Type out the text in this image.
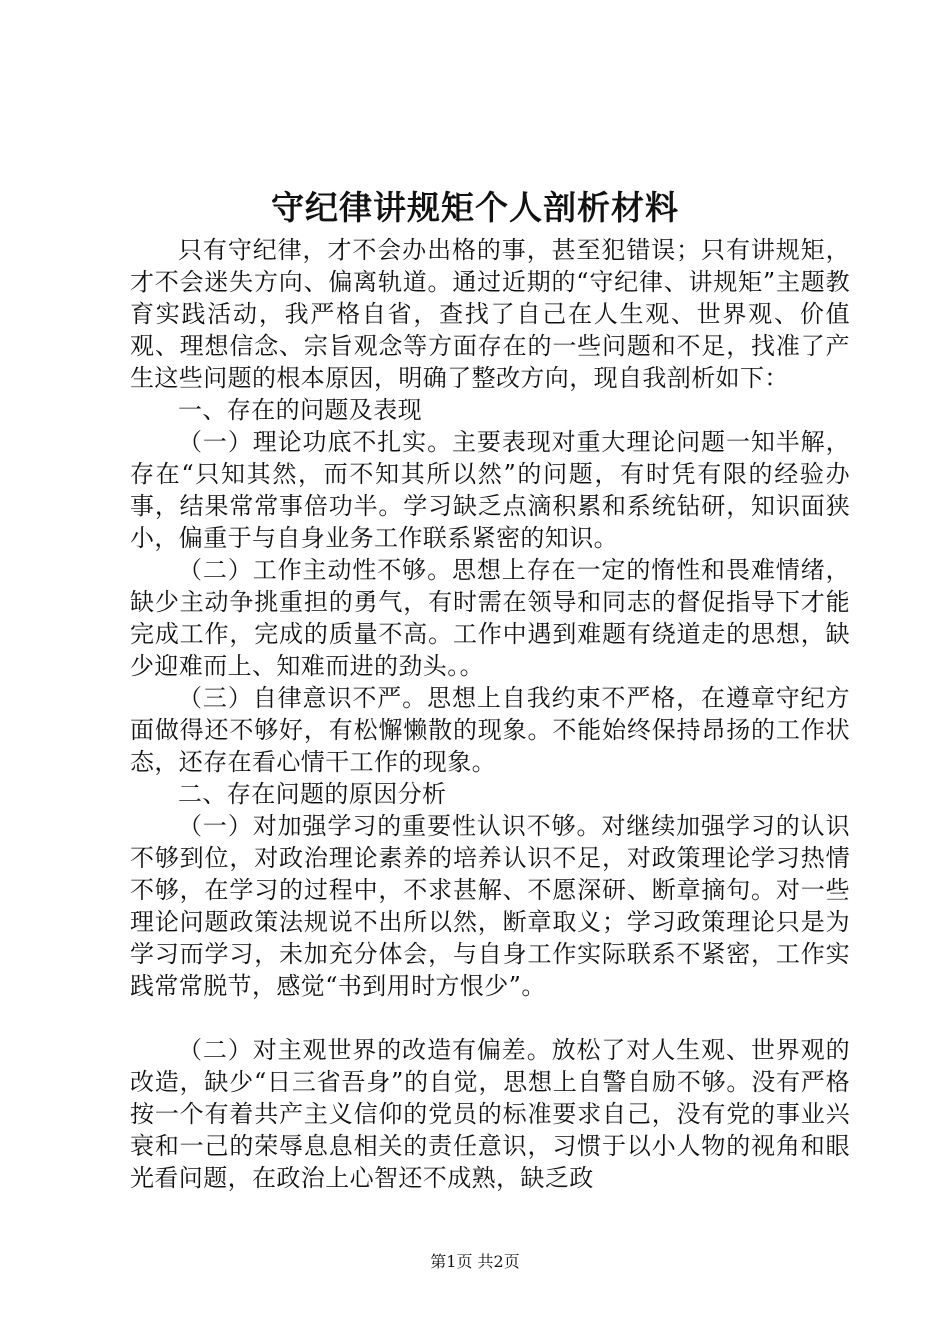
守纪律讲规矩个人剖析材料

只有守纪律，才不会办出格的事，甚至犯错误；只有讲规矩，才不会迷失方向、偏离轨道。通过近期的“守纪律、讲规矩”主题教育实践活动，我严格自省，查找了自己在人生观、世界观、价值观、理想信念、宗旨观念等方面存在的一些问题和不足，找准了产生这些问题的根本原因，明确了整改方向，现自我剖析如下：

一、存在的问题及表现

（一）理论功底不扎实。主要表现对重大理论问题一知半解，存在“只知其然，而不知其所以然”的问题，有时凭有限的经验办事，结果常常事倍功半。学习缺乏点滴积累和系统钻研，知识面狭小，偏重于与自身业务工作联系紧密的知识。

（二）工作主动性不够。思想上存在一定的惰性和畏难情绪，缺少主动争挑重担的勇气，有时需在领导和同志的督促指导下才能完成工作，完成的质量不高。工作中遇到难题有绕道走的思想，缺少迎难而上、知难而进的劲头。。

（三）自律意识不严。思想上自我约束不严格，在遵章守纪方面做得还不够好，有松懈懒散的现象。不能始终保持昂扬的工作状态，还存在看心情干工作的现象。

二、存在问题的原因分析

（一）对加强学习的重要性认识不够。对继续加强学习的认识不够到位，对政治理论素养的培养认识不足，对政策理论学习热情不够，在学习的过程中，不求甚解、不愿深研、断章摘句。对一些理论问题政策法规说不出所以然，断章取义；学习政策理论只是为学习而学习，未加充分体会，与自身工作实际联系不紧密，工作实践常常脱节，感觉“书到用时方恨少”。

（二）对主观世界的改造有偏差。放松了对人生观、世界观的改造，缺少“日三省吾身”的自觉，思想上自警自励不够。没有严格按一个有着共产主义信仰的党员的标准要求自己，没有党的事业兴衰和一己的荣辱息息相关的责任意识，习惯于以小人物的视角和眼光看问题，在政治上心智还不成熟，缺乏政

第1页 共2页
